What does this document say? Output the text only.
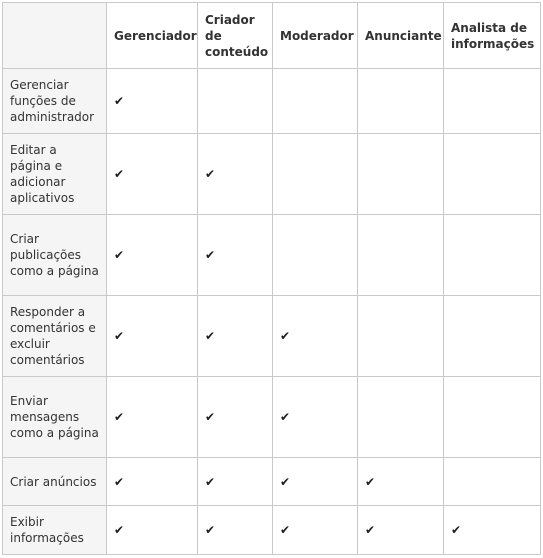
	Gerenciador	Criador de conteúdo	Moderador	Anunciante	Analista de informações
Gerenciar funções de administrador	✔				
Editar a página e adicionar aplicativos	✔	✔			
Criar publicações como a página	✔	✔			
Responder a comentários e excluir comentários	✔	✔	✔		
Enviar mensagens como a página	✔	✔	✔		
Criar anúncios	✔	✔	✔	✔	
Exibir informações	✔	✔	✔	✔	✔
